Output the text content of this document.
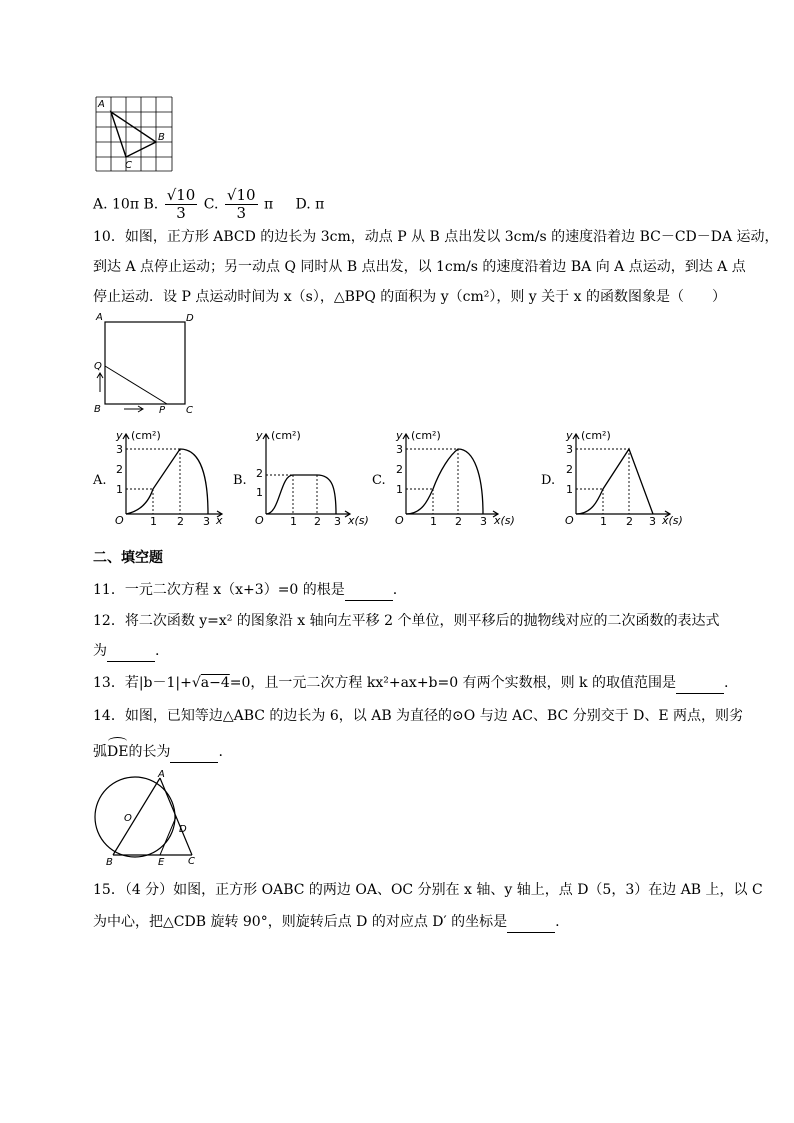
A
B
C
A. 10π B. $\frac{√10}{3} C$. $\frac{√10}{3}$ π D. π
10．如图，正方形 ABCD 的边长为 3cm，动点 P 从 B 点出发以 3cm/s 的速度沿着边 BC－CD－DA 运动，
到达 A 点停止运动；另一动点 Q 同时从 B 点出发，以 1cm/s 的速度沿着边 BA 向 A 点运动，到达 A 点
停止运动．设 P 点运动时间为 x（s），△BPQ 的面积为 y（cm²），则 y 关于 x 的函数图象是（　　）
A	D
Q
B	P C
A.
y (cm²)
3
2
1
O 1 2 3 x
B.
y (cm²)
2
1
O 1 2 3 x(s)
C.
y (cm²)
3
2
1
O 1 2 3 x(s)
D.
y (cm²)
3
2
1
O 1 2 3 x(s)
二、填空题
11．一元二次方程 x（x+3）=0 的根是	.
12．将二次函数 y=x² 的图象沿 x 轴向左平移 2 个单位，则平移后的抛物线对应的二次函数的表达式
为	.
13．若|b－1|+√a−4=0，且一元二次方程 kx²+ax+b=0 有两个实数根，则 k 的取值范围是	.
14．如图，已知等边△ABC 的边长为 6，以 AB 为直径的⊙O 与边 AC、BC 分别交于 D、E 两点，则劣
弧DE的长为	.
A
O
D
B	E C
15．（4 分）如图，正方形 OABC 的两边 OA、OC 分别在 x 轴、y 轴上，点 D（5，3）在边 AB 上，以 C
为中心，把△CDB 旋转 90°，则旋转后点 D 的对应点 D′ 的坐标是	.
